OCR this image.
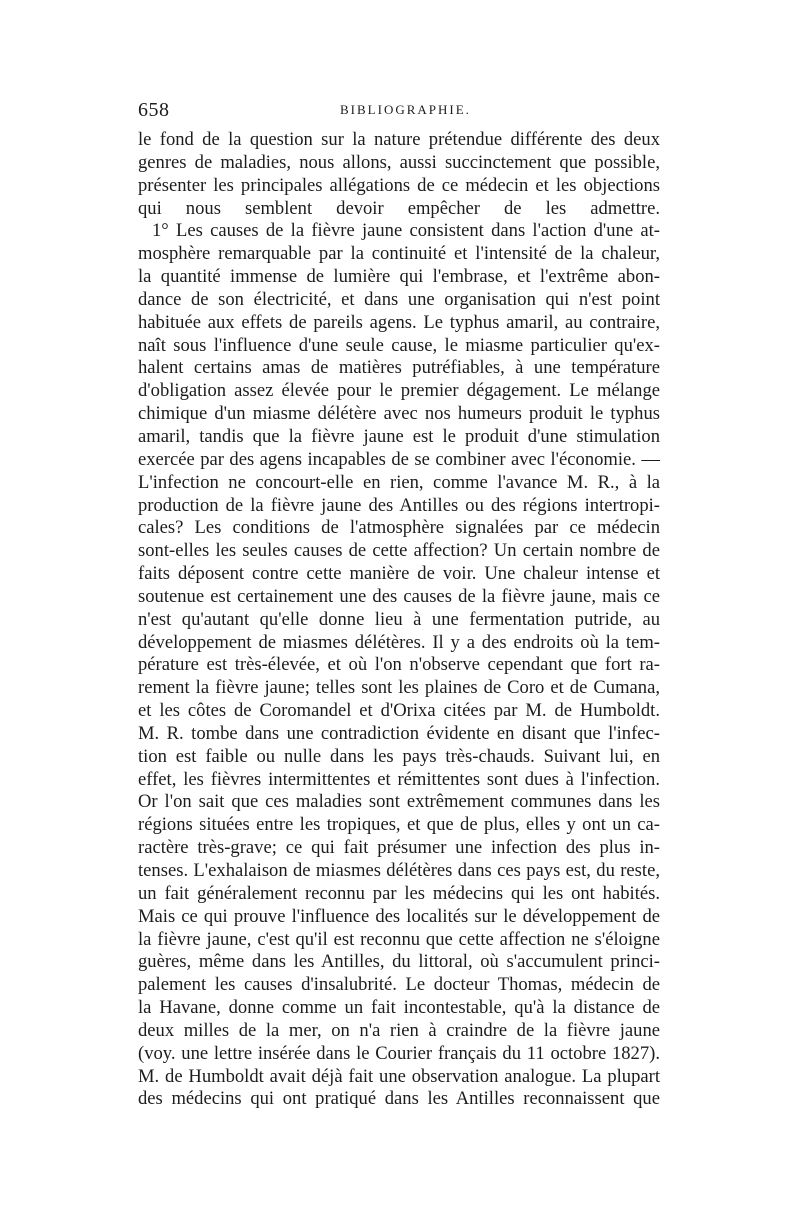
658	BIBLIOGRAPHIE.
le fond de la question sur la nature prétendue différente des deux
genres de maladies, nous allons, aussi succinctement que possible,
présenter les principales allégations de ce médecin et les objections
qui nous semblent devoir empêcher de les admettre.
1° Les causes de la fièvre jaune consistent dans l'action d'une at-
mosphère remarquable par la continuité et l'intensité de la chaleur,
la quantité immense de lumière qui l'embrase, et l'extrême abon-
dance de son électricité, et dans une organisation qui n'est point
habituée aux effets de pareils agens. Le typhus amaril, au contraire,
naît sous l'influence d'une seule cause, le miasme particulier qu'ex-
halent certains amas de matières putréfiables, à une température
d'obligation assez élevée pour le premier dégagement. Le mélange
chimique d'un miasme délétère avec nos humeurs produit le typhus
amaril, tandis que la fièvre jaune est le produit d'une stimulation
exercée par des agens incapables de se combiner avec l'économie. —
L'infection ne concourt-elle en rien, comme l'avance M. R., à la
production de la fièvre jaune des Antilles ou des régions intertropi-
cales? Les conditions de l'atmosphère signalées par ce médecin
sont-elles les seules causes de cette affection? Un certain nombre de
faits déposent contre cette manière de voir. Une chaleur intense et
soutenue est certainement une des causes de la fièvre jaune, mais ce
n'est qu'autant qu'elle donne lieu à une fermentation putride, au
développement de miasmes délétères. Il y a des endroits où la tem-
pérature est très-élevée, et où l'on n'observe cependant que fort ra-
rement la fièvre jaune; telles sont les plaines de Coro et de Cumana,
et les côtes de Coromandel et d'Orixa citées par M. de Humboldt.
M. R. tombe dans une contradiction évidente en disant que l'infec-
tion est faible ou nulle dans les pays très-chauds. Suivant lui, en
effet, les fièvres intermittentes et rémittentes sont dues à l'infection.
Or l'on sait que ces maladies sont extrêmement communes dans les
régions situées entre les tropiques, et que de plus, elles y ont un ca-
ractère très-grave; ce qui fait présumer une infection des plus in-
tenses. L'exhalaison de miasmes délétères dans ces pays est, du reste,
un fait généralement reconnu par les médecins qui les ont habités.
Mais ce qui prouve l'influence des localités sur le développement de
la fièvre jaune, c'est qu'il est reconnu que cette affection ne s'éloigne
guères, même dans les Antilles, du littoral, où s'accumulent princi-
palement les causes d'insalubrité. Le docteur Thomas, médecin de
la Havane, donne comme un fait incontestable, qu'à la distance de
deux milles de la mer, on n'a rien à craindre de la fièvre jaune
(voy. une lettre insérée dans le Courier français du 11 octobre 1827).
M. de Humboldt avait déjà fait une observation analogue. La plupart
des médecins qui ont pratiqué dans les Antilles reconnaissent que
